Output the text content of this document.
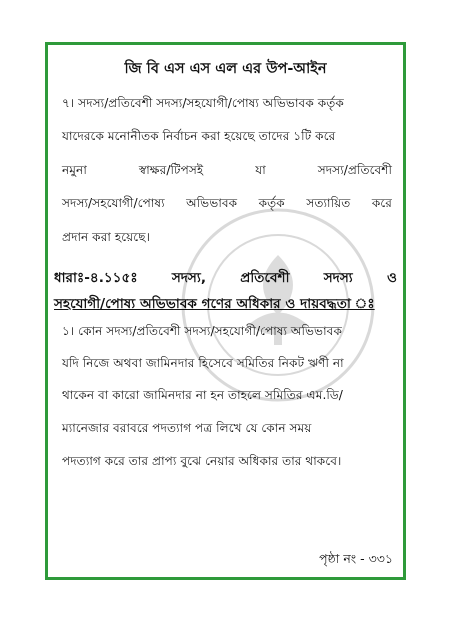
জি বি এস এস এল এর উপ-আইন
৭। সদস্য/প্রতিবেশী সদস্য/সহযোগী/পোষ্য অভিভাবক কর্তৃক
যাদেরকে মনোনীতক নির্বাচন করা হয়েছে তাদের ১টি করে
নমুনা	স্বাক্ষর/টিপসই	যা	সদস্য/প্রতিবেশী
সদস্য/সহযোগী/পোষ্য অভিভাবক কর্তৃক সত্যায়িত করে
প্রদান করা হয়েছে।
ধারাঃ-৪.১১৫ঃ	সদস্য,	প্রতিবেশী	সদস্য	ও
সহযোগী/পোষ্য অভিভাবক গণের অধিকার ও দায়বদ্ধতা ঃ
১। কোন সদস্য/প্রতিবেশী সদস্য/সহযোগী/পোষ্য অভিভাবক
যদি নিজে অথবা জামিনদার হিসেবে সমিতির নিকট ঋণী না
থাকেন বা কারো জামিনদার না হন তাহলে সমিতির এম.ডি/
ম্যানেজার বরাবরে পদত্যাগ পত্র লিখে যে কোন সময়
পদত্যাগ করে তার প্রাপ্য বুঝে নেয়ার অধিকার তার থাকবে।
পৃষ্ঠা নং - ৩৩১
